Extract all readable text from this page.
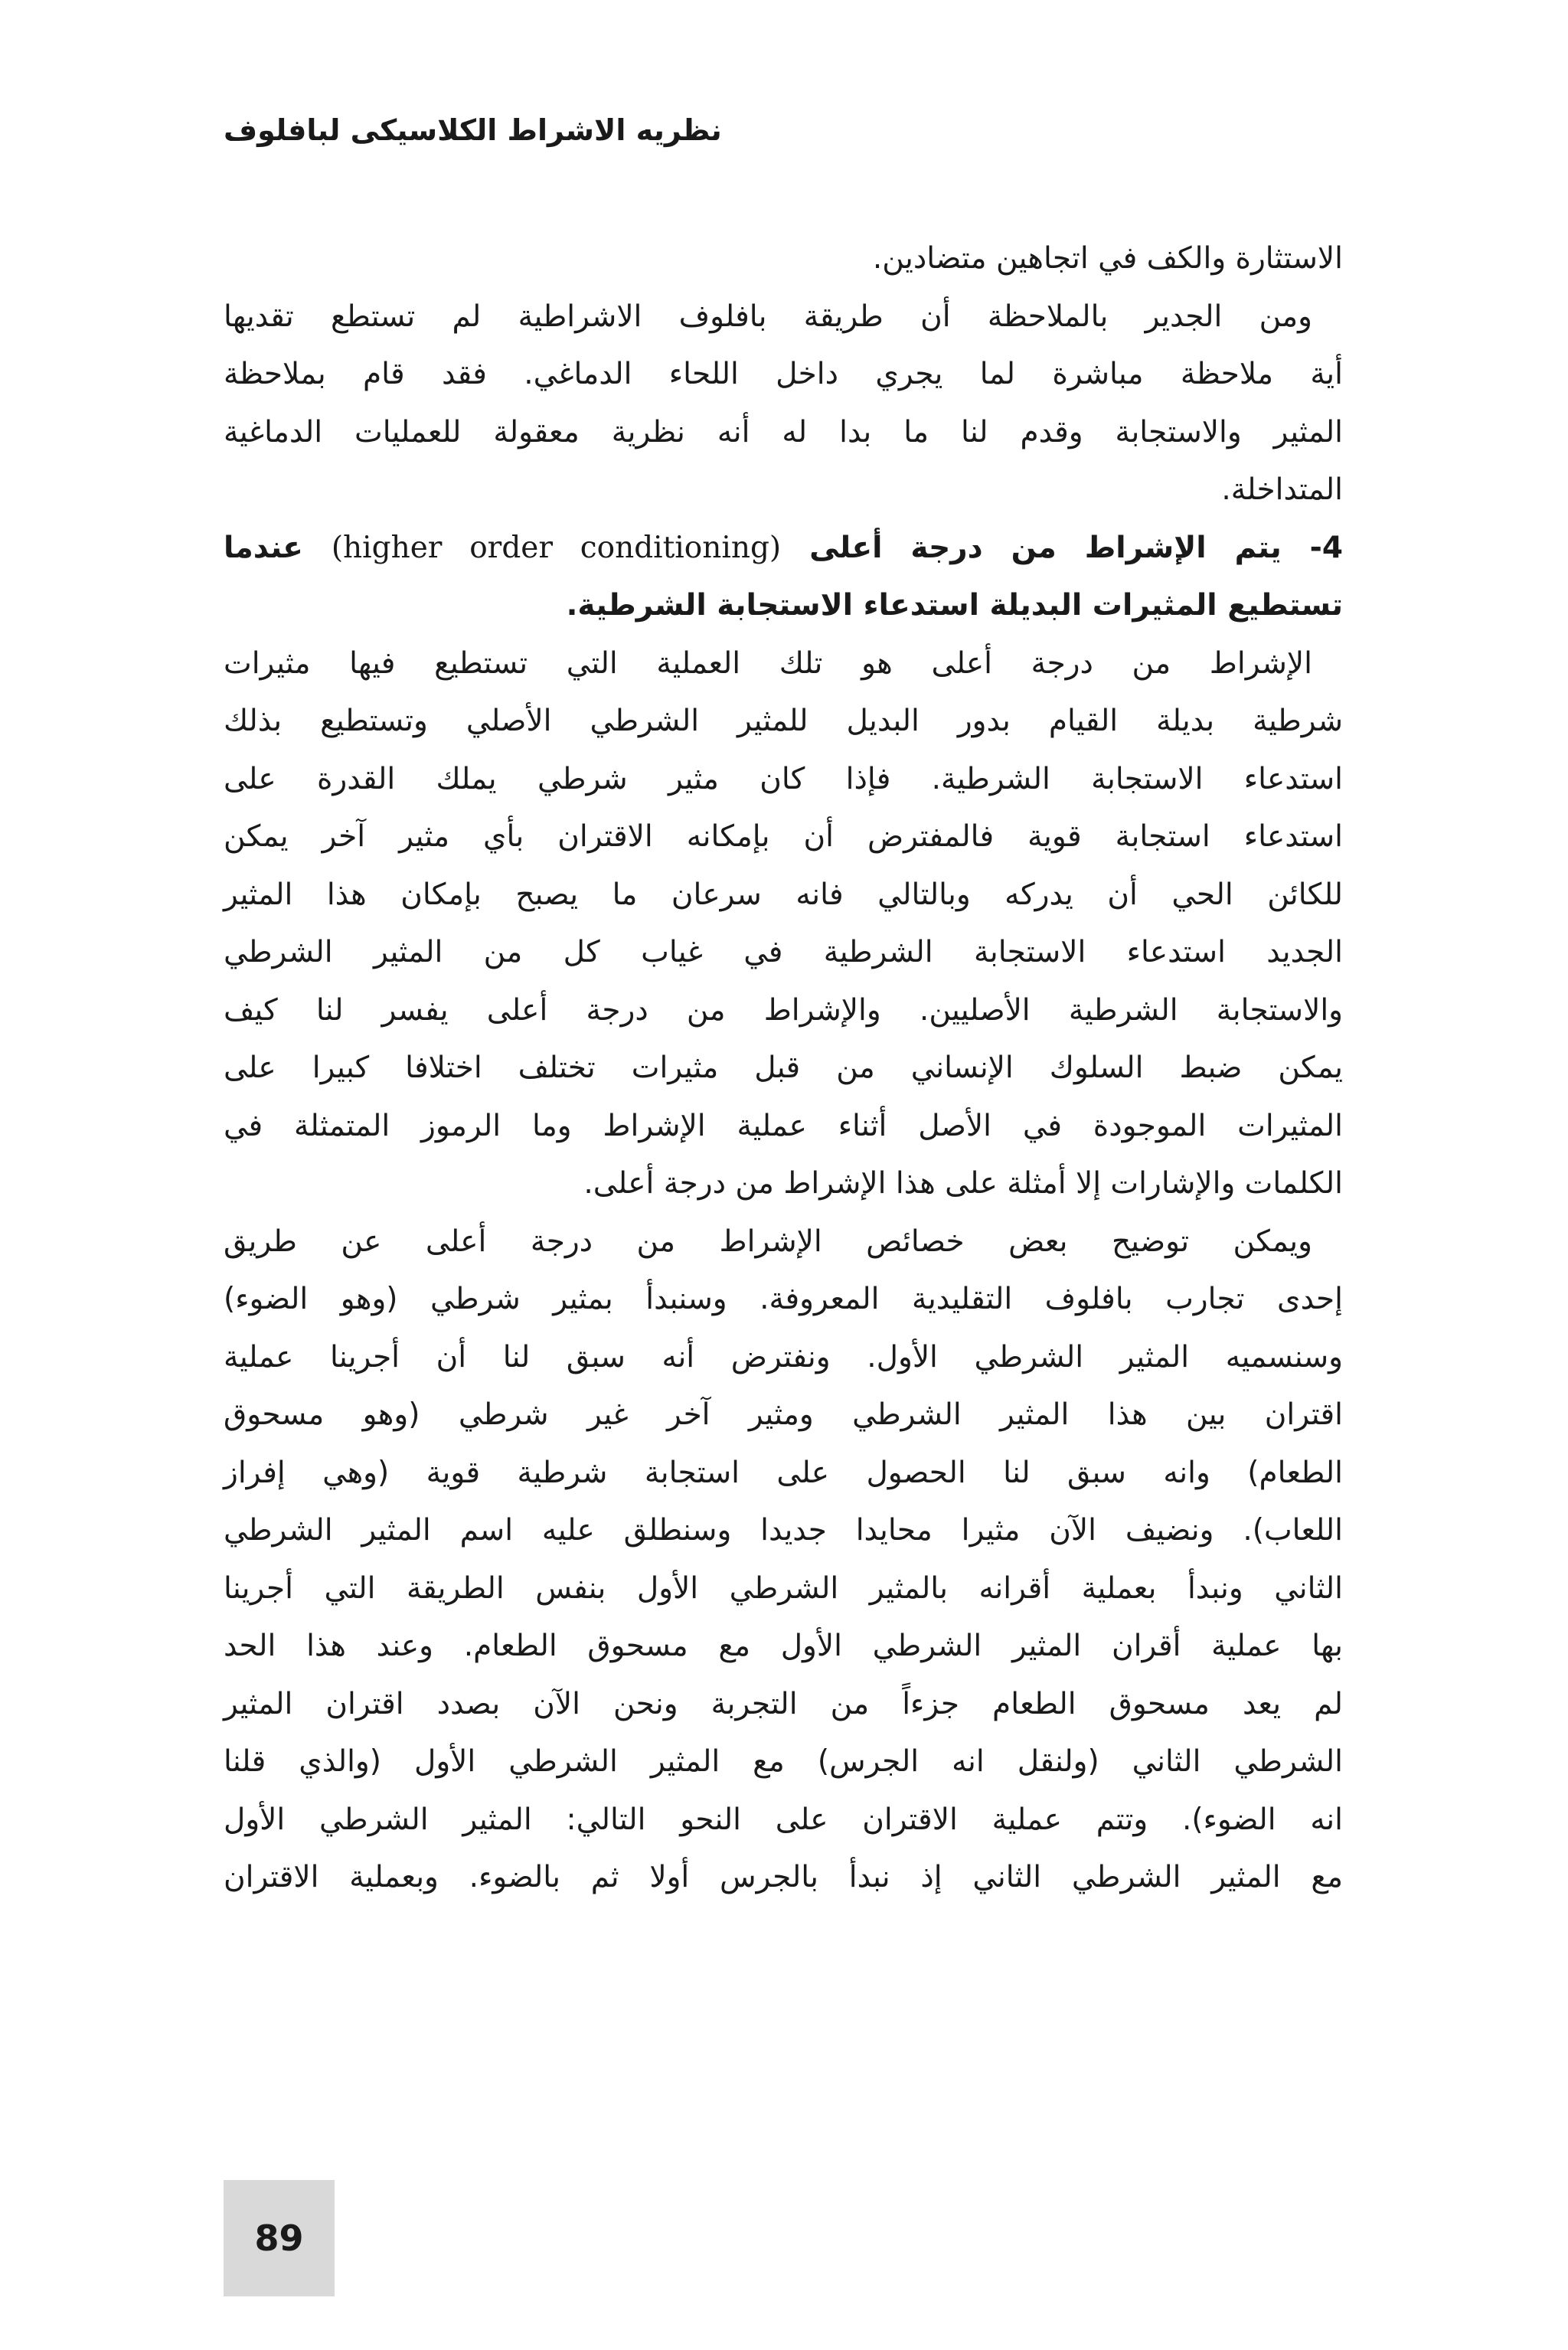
نظريه الاشراط الكلاسيكى لبافلوف
الاستثارة والكف في اتجاهين متضادين.
ومن الجدير بالملاحظة أن طريقة بافلوف الاشراطية لم تستطع تقديها
أية ملاحظة مباشرة لما يجري داخل اللحاء الدماغي. فقد قام بملاحظة
المثير والاستجابة وقدم لنا ما بدا له أنه نظرية معقولة للعمليات الدماغية
المتداخلة.
4- يتم الإشراط من درجة أعلى (higher order conditioning) عندما
تستطيع المثيرات البديلة استدعاء الاستجابة الشرطية.
الإشراط من درجة أعلى هو تلك العملية التي تستطيع فيها مثيرات
شرطية بديلة القيام بدور البديل للمثير الشرطي الأصلي وتستطيع بذلك
استدعاء الاستجابة الشرطية. فإذا كان مثير شرطي يملك القدرة على
استدعاء استجابة قوية فالمفترض أن بإمكانه الاقتران بأي مثير آخر يمكن
للكائن الحي أن يدركه وبالتالي فانه سرعان ما يصبح بإمكان هذا المثير
الجديد استدعاء الاستجابة الشرطية في غياب كل من المثير الشرطي
والاستجابة الشرطية الأصليين. والإشراط من درجة أعلى يفسر لنا كيف
يمكن ضبط السلوك الإنساني من قبل مثيرات تختلف اختلافا كبيرا على
المثيرات الموجودة في الأصل أثناء عملية الإشراط وما الرموز المتمثلة في
الكلمات والإشارات إلا أمثلة على هذا الإشراط من درجة أعلى.
ويمكن توضيح بعض خصائص الإشراط من درجة أعلى عن طريق
إحدى تجارب بافلوف التقليدية المعروفة. وسنبدأ بمثير شرطي (وهو الضوء)
وسنسميه المثير الشرطي الأول. ونفترض أنه سبق لنا أن أجرينا عملية
اقتران بين هذا المثير الشرطي ومثير آخر غير شرطي (وهو مسحوق
الطعام) وانه سبق لنا الحصول على استجابة شرطية قوية (وهي إفراز
اللعاب). ونضيف الآن مثيرا محايدا جديدا وسنطلق عليه اسم المثير الشرطي
الثاني ونبدأ بعملية أقرانه بالمثير الشرطي الأول بنفس الطريقة التي أجرينا
بها عملية أقران المثير الشرطي الأول مع مسحوق الطعام. وعند هذا الحد
لم يعد مسحوق الطعام جزءاً من التجربة ونحن الآن بصدد اقتران المثير
الشرطي الثاني (ولنقل انه الجرس) مع المثير الشرطي الأول (والذي قلنا
انه الضوء). وتتم عملية الاقتران على النحو التالي: المثير الشرطي الأول
مع المثير الشرطي الثاني إذ نبدأ بالجرس أولا ثم بالضوء. وبعملية الاقتران
89
